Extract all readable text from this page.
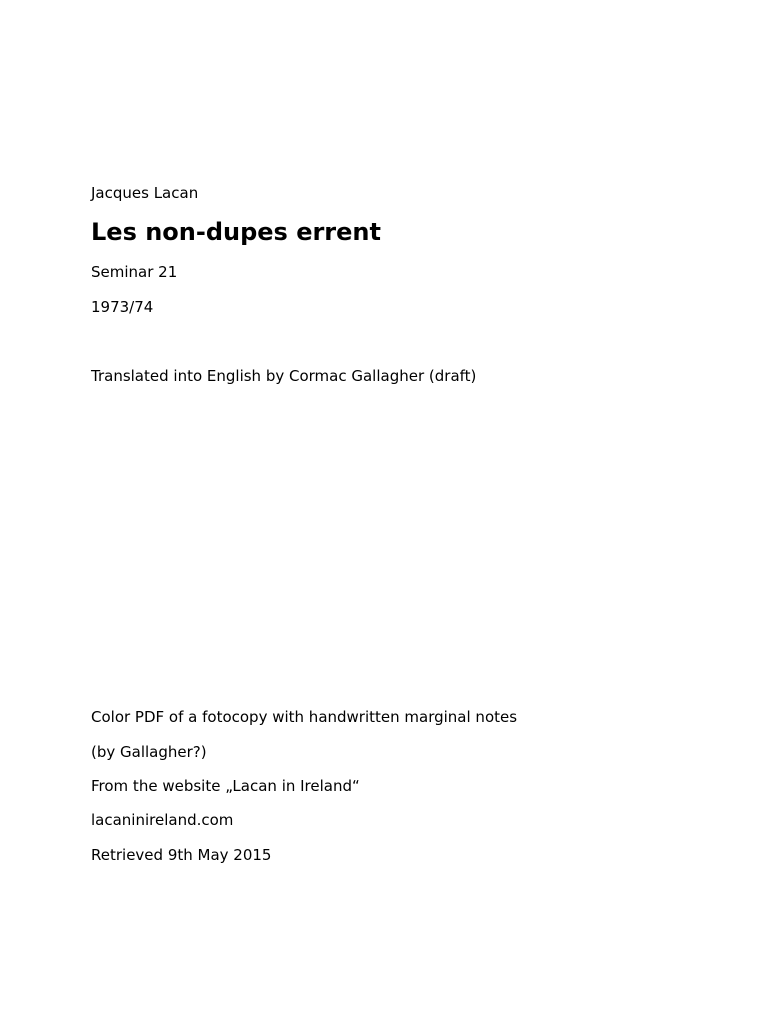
Jacques Lacan
Les non-dupes errent
Seminar 21
1973/74
Translated into English by Cormac Gallagher (draft)
Color PDF of a fotocopy with handwritten marginal notes
(by Gallagher?)
From the website „Lacan in Ireland“
lacaninireland.com
Retrieved 9th May 2015
